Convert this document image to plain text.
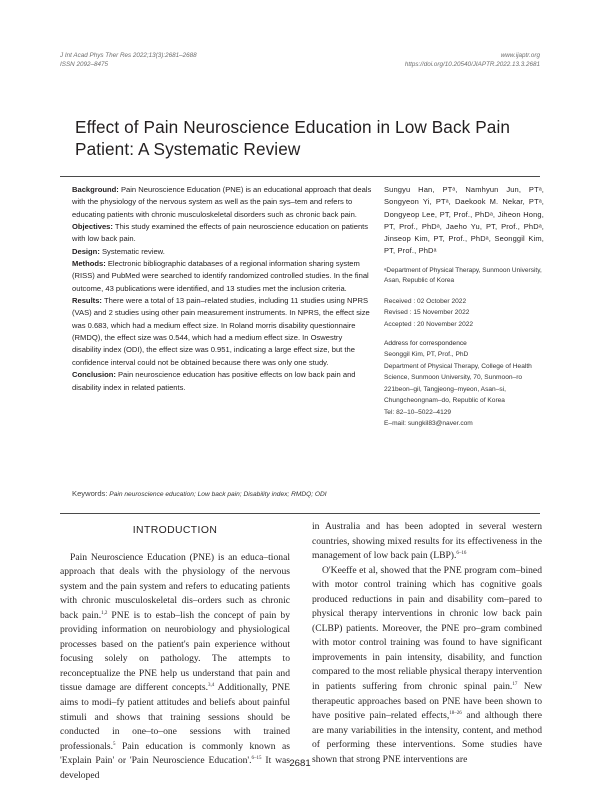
J Int Acad Phys Ther Res 2022;13(3):2681–2688
ISSN 2092–8475
www.ijaptr.org
https://doi.org/10.20540/JIAPTR.2022.13.3.2681
Effect of Pain Neuroscience Education in Low Back Pain Patient: A Systematic Review

Background: Pain Neuroscience Education (PNE) is an educational approach that deals with the physiology of the nervous system as well as the pain sys–tem and refers to educating patients with chronic musculoskeletal disorders such as chronic back pain.

Objectives: This study examined the effects of pain neuroscience education on patients with low back pain.

Design: Systematic review.

Methods: Electronic bibliographic databases of a regional information sharing system (RISS) and PubMed were searched to identify randomized controlled studies. In the final outcome, 43 publications were identified, and 13 studies met the inclusion criteria.

Results: There were a total of 13 pain–related studies, including 11 studies using NPRS (VAS) and 2 studies using other pain measurement instruments. In NPRS, the effect size was 0.683, which had a medium effect size. In Roland morris disability questionnaire (RMDQ), the effect size was 0.544, which had a medium effect size. In Oswestry disability index (ODI), the effect size was 0.951, indicating a large effect size, but the confidence interval could not be obtained because there was only one study.

Conclusion: Pain neuroscience education has positive effects on low back pain and disability index in related patients.

Keywords: Pain neuroscience education; Low back pain; Disability index; RMDQ; ODI
Sungyu Han, PTᵃ, Namhyun Jun, PTᵃ, Songyeon Yi, PTᵃ, Daekook M. Nekar, PTᵃ, Dongyeop Lee, PT, Prof., PhDᵃ, Jiheon Hong, PT, Prof., PhDᵃ, Jaeho Yu, PT, Prof., PhDᵃ, Jinseop Kim, PT, Prof., PhDᵃ, Seonggil Kim, PT, Prof., PhDᵃ
ᵃDepartment of Physical Therapy, Sunmoon University, Asan, Republic of Korea
Received : 02 October 2022
Revised : 15 November 2022
Accepted : 20 November 2022
Address for correspondence
Seonggil Kim, PT, Prof., PhD
Department of Physical Therapy, College of Health Science, Sunmoon University, 70, Sunmoon–ro 221beon–gil, Tangjeong–myeon, Asan–si, Chungcheongnam–do, Republic of Korea
Tel: 82–10–5022–4129
E–mail: sungkil83@naver.com
INTRODUCTION

Pain Neuroscience Education (PNE) is an educa–tional approach that deals with the physiology of the nervous system and the pain system and refers to educating patients with chronic musculoskeletal dis–orders such as chronic back pain.$^{1,2}$ PNE is to estab–lish the concept of pain by providing information on neurobiology and physiological processes based on the patient's pain experience without focusing solely on pathology. The attempts to reconceptualize the PNE help us understand that pain and tissue damage are different concepts.$^{3,4}$ Additionally, PNE aims to modi–fy patient attitudes and beliefs about painful stimuli and shows that training sessions should be conducted in one–to–one sessions with trained professionals.$^5$ Pain education is commonly known as 'Explain Pain' or 'Pain Neuroscience Education'.$^{6-15}$ It was developed

in Australia and has been adopted in several western countries, showing mixed results for its effectiveness in the management of low back pain (LBP).$^{6-16}$

O'Keeffe et al, showed that the PNE program com–bined with motor control training which has cognitive goals produced reductions in pain and disability com–pared to physical therapy interventions in chronic low back pain (CLBP) patients. Moreover, the PNE pro–gram combined with motor control training was found to have significant improvements in pain intensity, disability, and function compared to the most reliable physical therapy intervention in patients suffering from chronic spinal pain.$^{17}$ New therapeutic approaches based on PNE have been shown to have positive pain–related effects,$^{18-26}$ and although there are many variabilities in the intensity, content, and method of performing these interventions. Some studies have shown that strong PNE interventions are

2681
